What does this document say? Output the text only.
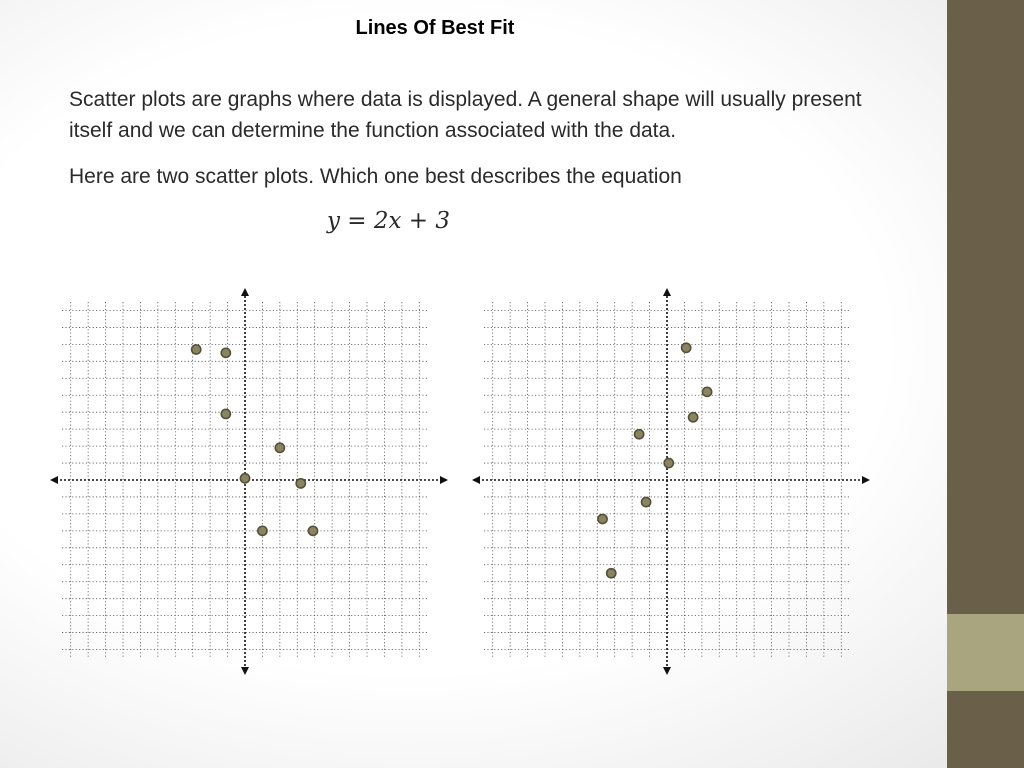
Lines Of Best Fit

Scatter plots are graphs where data is displayed. A general shape will usually present itself and we can determine the function associated with the data.

Here are two scatter plots. Which one best describes the equation

y = 2x + 3
